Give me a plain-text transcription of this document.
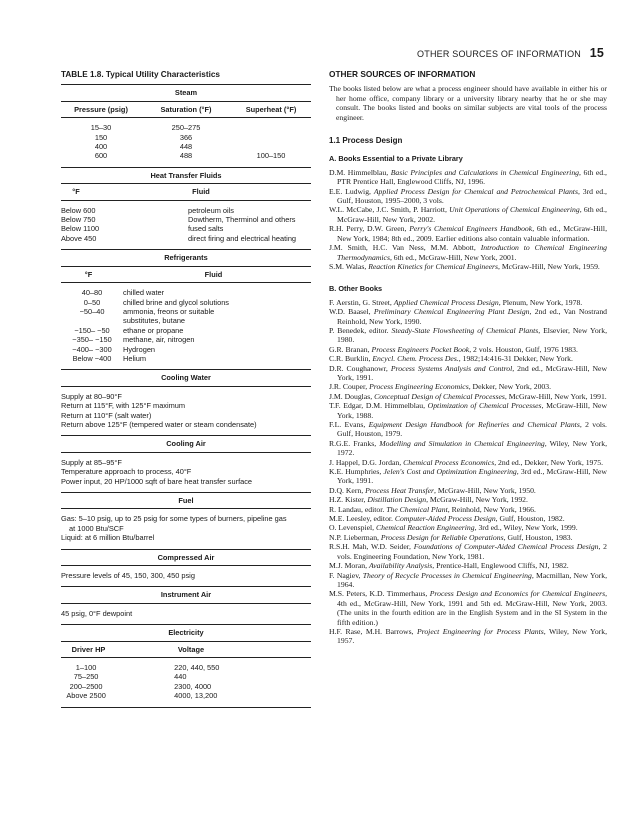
OTHER SOURCES OF INFORMATION 15
TABLE 1.8. Typical Utility Characteristics
Steam
Pressure (psig)	Saturation (°F)	Superheat (°F)
15–30	250–275
150	366
400	448
600	488	100–150
Heat Transfer Fluids
°F	Fluid
Below 600	petroleum oils
Below 750	Dowtherm, Therminol and others
Below 1100	fused salts
Above 450	direct firing and electrical heating
Refrigerants
°F	Fluid
40–80	chilled water
0–50	chilled brine and glycol solutions
−50–40	ammonia, freons or suitable substitutes, butane
−150– −50	ethane or propane
−350– −150	methane, air, nitrogen
−400– −300	Hydrogen
Below −400	Helium
Cooling Water
Supply at 80–90°F
Return at 115°F, with 125°F maximum
Return at 110°F (salt water)
Return above 125°F (tempered water or steam condensate)
Cooling Air
Supply at 85–95°F
Temperature approach to process, 40°F
Power input, 20 HP/1000 sqft of bare heat transfer surface
Fuel
Gas: 5–10 psig, up to 25 psig for some types of burners, pipeline gas
at 1000 Btu/SCF
Liquid: at 6 million Btu/barrel
Compressed Air
Pressure levels of 45, 150, 300, 450 psig
Instrument Air
45 psig, 0°F dewpoint
Electricity
Driver HP	Voltage
1–100	220, 440, 550
75–250	440
200–2500	2300, 4000
Above 2500	4000, 13,200
OTHER SOURCES OF INFORMATION

The books listed below are what a process engineer should have available in either his or her home office, company library or a university library nearby that he or she may consult. The books listed and books on similar subjects are vital tools of the process engineer.

1.1 Process Design
A. Books Essential to a Private Library

D.M. Himmelblau, Basic Principles and Calculations in Chemical Engineering, 6th ed., PTR Prentice Hall, Englewood Cliffs, NJ, 1996.

E.E. Ludwig, Applied Process Design for Chemical and Petrochemical Plants, 3rd ed., Gulf, Houston, 1995–2000, 3 vols.

W.L. McCabe, J.C. Smith, P. Harriott, Unit Operations of Chemical Engineering, 6th ed., McGraw-Hill, New York, 2002.

R.H. Perry, D.W. Green, Perry's Chemical Engineers Handbook, 6th ed., McGraw-Hill, New York, 1984; 8th ed., 2009. Earlier editions also contain valuable information.

J.M. Smith, H.C. Van Ness, M.M. Abbott, Introduction to Chemical Engineering Thermodynamics, 6th ed., McGraw-Hill, New York, 2001.

S.M. Walas, Reaction Kinetics for Chemical Engineers, McGraw-Hill, New York, 1959.

B. Other Books

F. Aerstin, G. Street, Applied Chemical Process Design, Plenum, New York, 1978.

W.D. Baasel, Preliminary Chemical Engineering Plant Design, 2nd ed., Van Nostrand Reinhold, New York, 1990.

P. Benedek, editor. Steady-State Flowsheeting of Chemical Plants, Elsevier, New York, 1980.

G.R. Branan, Process Engineers Pocket Book, 2 vols. Houston, Gulf, 1976 1983.

C.R. Burklin, Encycl. Chem. Process Des., 1982;14:416-31 Dekker, New York.

D.R. Coughanowr, Process Systems Analysis and Control, 2nd ed., McGraw-Hill, New York, 1991.

J.R. Couper, Process Engineering Economics, Dekker, New York, 2003.

J.M. Douglas, Conceptual Design of Chemical Processes, McGraw-Hill, New York, 1991.

T.F. Edgar, D.M. Himmelblau, Optimization of Chemical Processes, McGraw-Hill, New York, 1988.

F.L. Evans, Equipment Design Handbook for Refineries and Chemical Plants, 2 vols. Gulf, Houston, 1979.

R.G.E. Franks, Modelling and Simulation in Chemical Engineering, Wiley, New York, 1972.

J. Happel, D.G. Jordan, Chemical Process Economics, 2nd ed., Dekker, New York, 1975.

K.E. Humphries, Jelen's Cost and Optimization Engineering, 3rd ed., McGraw-Hill, New York, 1991.

D.Q. Kern, Process Heat Transfer, McGraw-Hill, New York, 1950.

H.Z. Kister, Distillation Design, McGraw-Hill, New York, 1992.

R. Landau, editor. The Chemical Plant, Reinhold, New York, 1966.

M.E. Leesley, editor. Computer-Aided Process Design, Gulf, Houston, 1982.

O. Levenspiel, Chemical Reaction Engineering, 3rd ed., Wiley, New York, 1999.

N.P. Lieberman, Process Design for Reliable Operations, Gulf, Houston, 1983.

R.S.H. Mah, W.D. Seider, Foundations of Computer-Aided Chemical Process Design, 2 vols. Engineering Foundation, New York, 1981.

M.J. Moran, Availability Analysis, Prentice-Hall, Englewood Cliffs, NJ, 1982.

F. Nagiev, Theory of Recycle Processes in Chemical Engineering, Macmillan, New York, 1964.

M.S. Peters, K.D. Timmerhaus, Process Design and Economics for Chemical Engineers, 4th ed., McGraw-Hill, New York, 1991 and 5th ed. McGraw-Hill, New York, 2003. (The units in the fourth edition are in the English System and in the SI System in the fifth edition.)

H.F. Rase, M.H. Barrows, Project Engineering for Process Plants, Wiley, New York, 1957.
